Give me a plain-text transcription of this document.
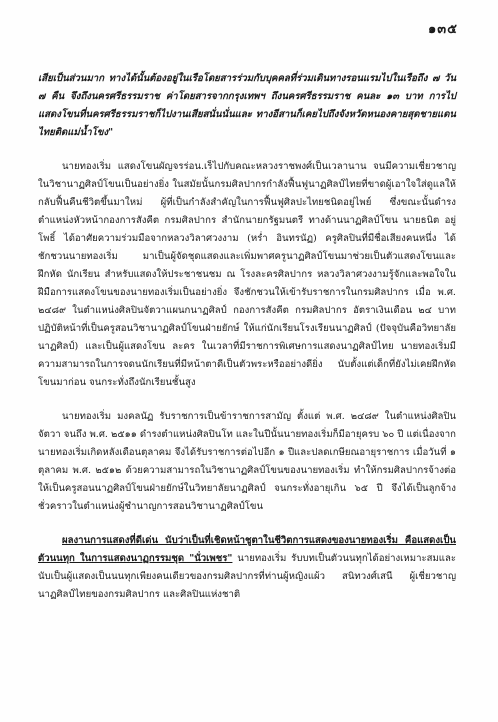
๑๓๕

เสียเป็นส่วนมาก ทางได้นั้นต้องอยู่ในเรือโดยสารร่วมกับบุคคลที่ร่วมเดินทางรอนแรมไปในเรือถึง ๗ วัน ๗ คืน จึงถึงนครศรีธรรมราช ค่าโดยสารจากกรุงเทพฯ ถึงนครศรีธรรมราช คนละ ๑๓ บาท การไปแสดงโขนที่นครศรีธรรมราชก็ไปงานเสียสนั่นนั่นและ ทางอีสานก็เคยไปถึงจังหวัดหนองคายสุดชายแดนไทยติดแม่น้ำโขง"

นายทองเริ่ม แสดงโขนผัญจรร่อน.เร็ไปกับคณะหลวงราชพงศ์เป็นเวลานาน จนมีความเชี่ยวชาญในวิชานาฏศิลป์โขนเป็นอย่างยิ่ง ในสมัยนั้นกรมศิลปากรกำลังฟื้นฟูนาฏศิลป์ไทยที่ขาดผู้เอาใจใส่ดูแลให้กลับฟื้นคืนชีวิตขึ้นมาใหม่ ผู้ที่เป็นกำลังสำคัญในการฟื้นฟูศิลปะไทยชนิดอยู่ไพย์ ซึ่งขณะนั้นดำรงตำแหน่งหัวหน้ากองการสังคีต กรมศิลปากร สำนักนายกรัฐมนตรี ทางด้านนาฏศิลป์โขน นายธนิต อยู่โพธิ์ ได้อาศัยความร่วมมือจากหลวงวิลาศวงงาม (หร่ำ อินทรนัฏ) ครูศิลปินที่มีชื่อเสียงคนหนึ่ง ได้ชักชวนนายทองเริ่ม มาเป็นผู้จัดชุดแสดงและเพิ่มพาศครูนาฏศิลป์โขนมาช่วยเป็นตัวแสดงโขนและฝึกหัด นักเรียน สำหรับแสดงให้ประชาชนชม ณ โรงละครศิลปากร หลวงวิลาศวงงามรู้จักและพอใจในฝีมือการแสดงโขนของนายทองเริ่มเป็นอย่างยิ่ง จึงชักชวนให้เข้ารับราชการในกรมศิลปากร เมื่อ พ.ศ. ๒๔๘๙ ในตำแหน่งศิลปินจัตวาแผนกนาฏศิลป์ กองการสังคีต กรมศิลปากร อัตราเงินเดือน ๒๔ บาท ปฏิบัติหน้าที่เป็นครูสอนวิชานาฏศิลป์โขนฝ่ายยักษ์ ให้แก่นักเรียนโรงเรียนนาฏศิลป์ (ปัจจุบันคือวิทยาลัยนาฏศิลป์) และเป็นผู้แสดงโขน ละคร ในเวลาที่มีราชการพิเศษการแสดงนาฏศิลป์ไทย นายทองเริ่มมีความสามารถในการจดนนักเรียนที่มีหน้าตาดีเป็นตัวพระหรืออย่างดียิ่ง นับตั้งแต่เด็กที่ยังไม่เคยฝึกหัดโขนมาก่อน จนกระทั่งถึงนักเรียนชั้นสูง

นายทองเริ่ม มงคลนัฏ รับราชการเป็นข้าราชการสามัญ ตั้งแต่ พ.ศ. ๒๔๘๙ ในตำแหน่งศิลปินจัตวา จนถึง พ.ศ. ๒๕๑๑ ดำรงตำแหน่งศิลปินโท และในปีนั้นนายทองเริ่มก็มีอายุครบ ๖๐ ปี แต่เนื่องจากนายทองเริ่มเกิดหลังเดือนตุลาคม จึงได้รับราชการต่อไปอีก ๑ ปีและปลดเกษียณอายุราชการ เมื่อวันที่ ๑ ตุลาคม พ.ศ. ๒๕๑๒ ด้วยความสามารถในวิชานาฏศิลป์โขนของนายทองเริ่ม ทำให้กรมศิลปากรจ้างต่อให้เป็นครูสอนนาฏศิลป์โขนฝ่ายยักษ์ในวิทยาลัยนาฏศิลป์ จนกระทั่งอายุเกิน ๖๕ ปี จึงได้เป็นลูกจ้างชั่วคราวในตำแหน่งผู้ชำนาญการสอนวิชานาฏศิลป์โขน

ผลงานการแสดงที่ดีเด่น นับว่าเป็นที่เชิดหน้าชูตาในชีวิตการแสดงของนายทองเริ่ม คือแสดงเป็นตัวนนทุก ในการแสดงนาฏกรรมชุด "นั่วเพชร" นายทองเริ่ม รับบทเป็นตัวนนทุกได้อย่างเหมาะสมและนับเป็นผู้แสดงเป็นนนทุกเพียงคนเดียวของกรมศิลปากรที่ท่านผู้หญิงแผ้ว สนิทวงศ์เสนี ผู้เชี่ยวชาญนาฏศิลป์ไทยของกรมศิลปากร และศิลปินแห่งชาติ
